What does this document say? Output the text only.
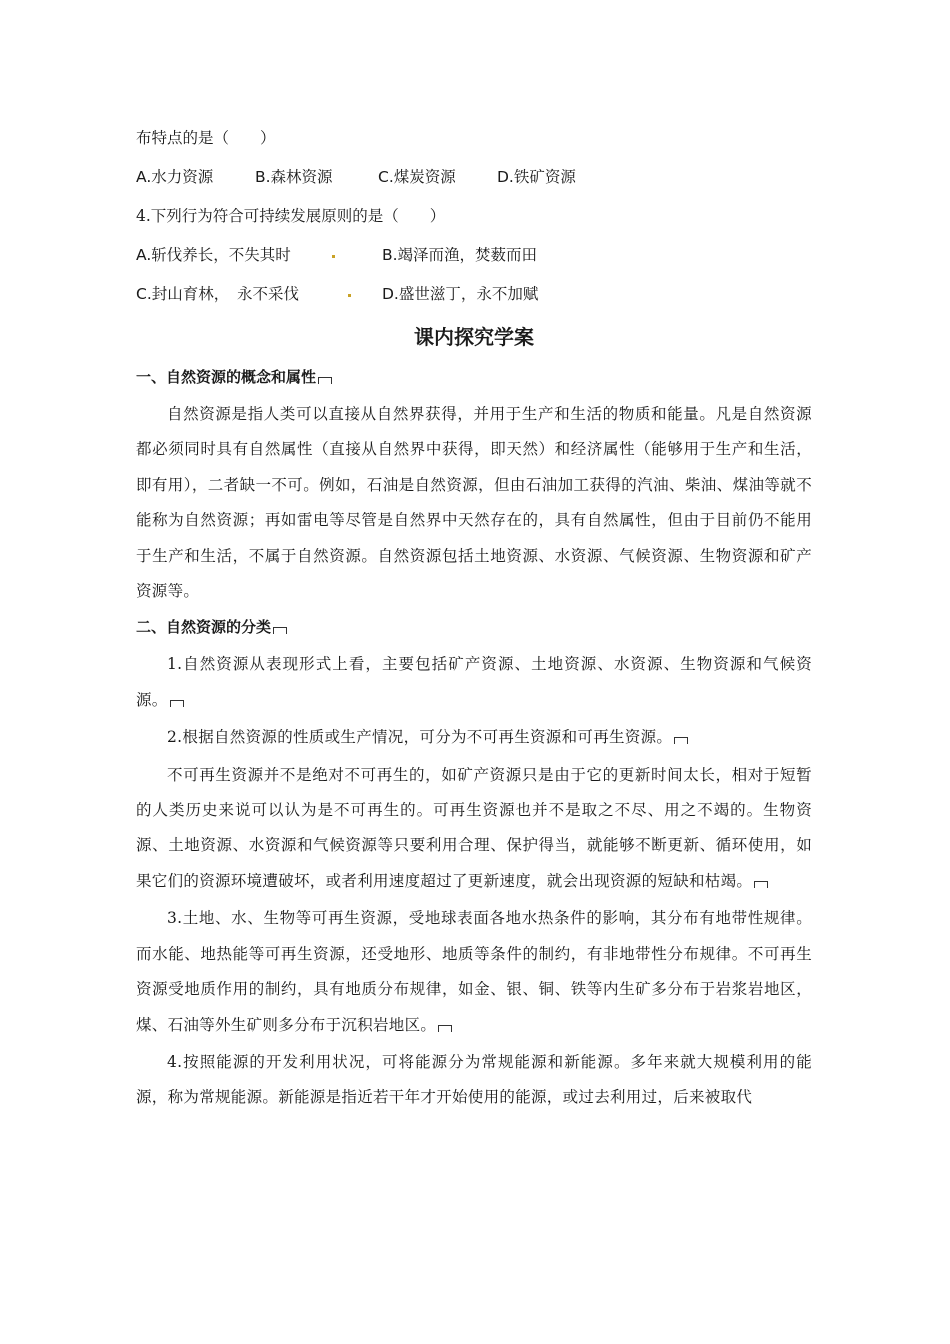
布特点的是（　　）
A.水力资源	B.森林资源	C.煤炭资源	D.铁矿资源
4.下列行为符合可持续发展原则的是（　　）
A.斩伐养长，不失其时	B.竭泽而渔，焚薮而田
C.封山育林，　永不采伐	D.盛世滋丁，永不加赋
课内探究学案
一、自然资源的概念和属性
自然资源是指人类可以直接从自然界获得，并用于生产和生活的物质和能量。凡是自然资源都必须同时具有自然属性（直接从自然界中获得，即天然）和经济属性（能够用于生产和生活，即有用），二者缺一不可。例如，石油是自然资源，但由石油加工获得的汽油、柴油、煤油等就不能称为自然资源；再如雷电等尽管是自然界中天然存在的，具有自然属性，但由于目前仍不能用于生产和生活，不属于自然资源。自然资源包括土地资源、水资源、气候资源、生物资源和矿产资源等。
二、自然资源的分类
1.自然资源从表现形式上看，主要包括矿产资源、土地资源、水资源、生物资源和气候资源。
2.根据自然资源的性质或生产情况，可分为不可再生资源和可再生资源。
不可再生资源并不是绝对不可再生的，如矿产资源只是由于它的更新时间太长，相对于短暂的人类历史来说可以认为是不可再生的。可再生资源也并不是取之不尽、用之不竭的。生物资源、土地资源、水资源和气候资源等只要利用合理、保护得当，就能够不断更新、循环使用，如果它们的资源环境遭破坏，或者利用速度超过了更新速度，就会出现资源的短缺和枯竭。
3.土地、水、生物等可再生资源，受地球表面各地水热条件的影响，其分布有地带性规律。而水能、地热能等可再生资源，还受地形、地质等条件的制约，有非地带性分布规律。不可再生资源受地质作用的制约，具有地质分布规律，如金、银、铜、铁等内生矿多分布于岩浆岩地区，煤、石油等外生矿则多分布于沉积岩地区。
4.按照能源的开发利用状况，可将能源分为常规能源和新能源。多年来就大规模利用的能源，称为常规能源。新能源是指近若干年才开始使用的能源，或过去利用过，后来被取代
